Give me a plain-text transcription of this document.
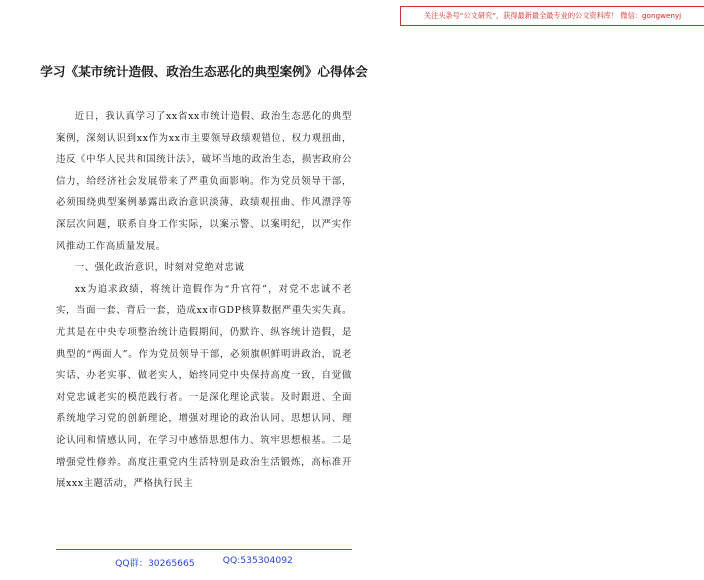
关注头条号“公文研究”，获得最新最全最专业的公文资料库！ 微信：gongwenyj
学习《某市统计造假、政治生态恶化的典型案例》心得体会

近日，我认真学习了xx省xx市统计造假、政治生态恶化的典型案例，深刻认识到xx作为xx市主要领导政绩观错位、权力观扭曲，违反《中华人民共和国统计法》，破坏当地的政治生态，损害政府公信力，给经济社会发展带来了严重负面影响。作为党员领导干部，必须围绕典型案例暴露出政治意识淡薄、政绩观扭曲、作风漂浮等深层次问题，联系自身工作实际，以案示警、以案明纪，以严实作风推动工作高质量发展。

一、强化政治意识，时刻对党绝对忠诚

xx为追求政绩，将统计造假作为“升官符”，对党不忠诚不老实，当面一套、背后一套，造成xx市GDP核算数据严重失实失真。尤其是在中央专项整治统计造假期间，仍默许、纵容统计造假，是典型的“两面人”。作为党员领导干部，必须旗帜鲜明讲政治，说老实话、办老实事、做老实人，始终同党中央保持高度一致，自觉做对党忠诚老实的模范践行者。一是深化理论武装。及时跟进、全面系统地学习党的创新理论，增强对理论的政治认同、思想认同、理论认同和情感认同，在学习中感悟思想伟力、筑牢思想根基。二是增强党性修养。高度注重党内生活特别是政治生活锻炼，高标准开展xxx主题活动，严格执行民主

QQ群：30265665	QQ:535304092
